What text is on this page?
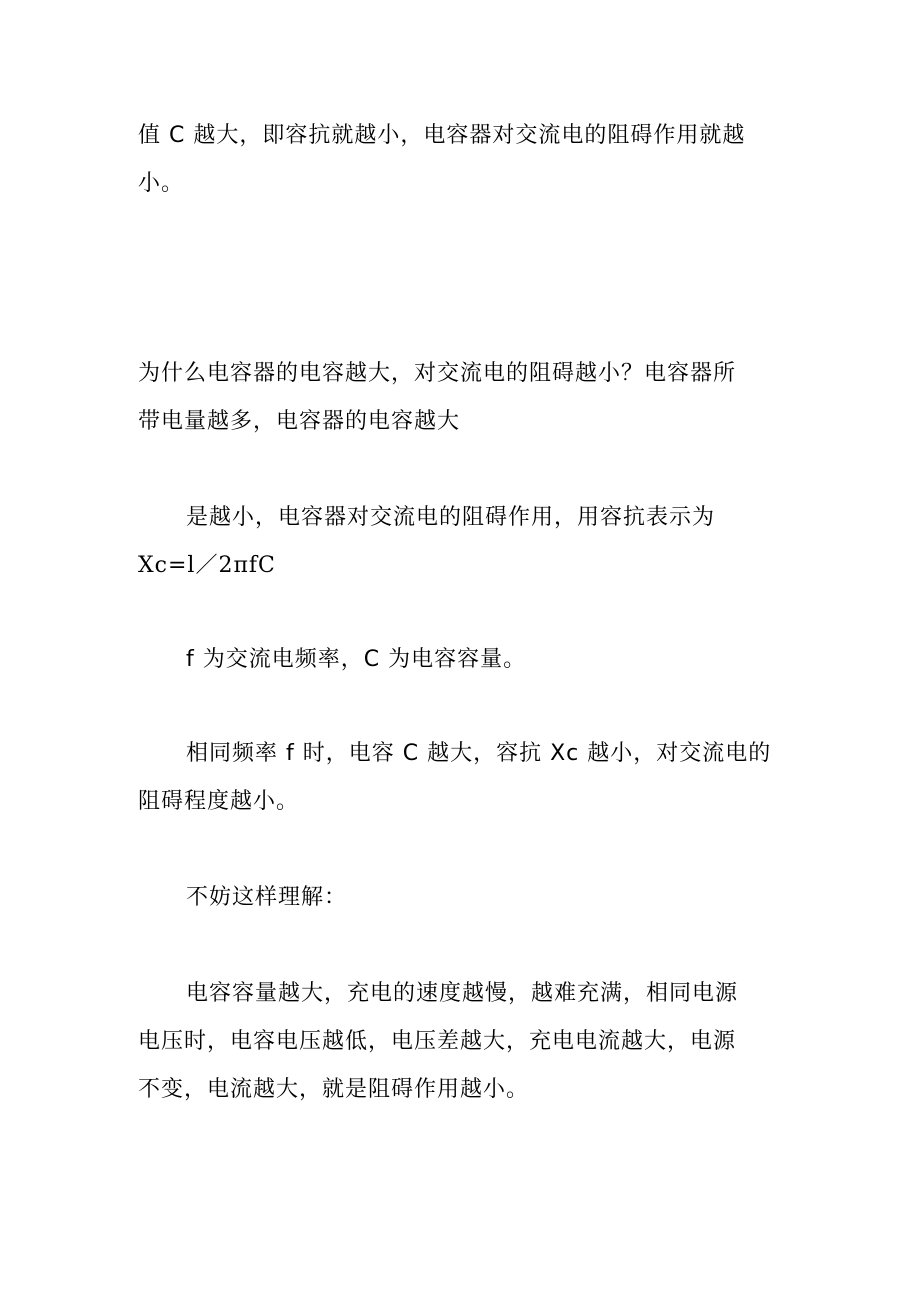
值 C 越大，即容抗就越小，电容器对交流电的阻碍作用就越
小。

为什么电容器的电容越大，对交流电的阻碍越小？电容器所
带电量越多，电容器的电容越大

是越小，电容器对交流电的阻碍作用，用容抗表示为
Xc=l／2πfC

f 为交流电频率，C 为电容容量。

相同频率 f 时，电容 C 越大，容抗 Xc 越小，对交流电的
阻碍程度越小。

不妨这样理解：

电容容量越大，充电的速度越慢，越难充满，相同电源
电压时，电容电压越低，电压差越大，充电电流越大，电源
不变，电流越大，就是阻碍作用越小。
